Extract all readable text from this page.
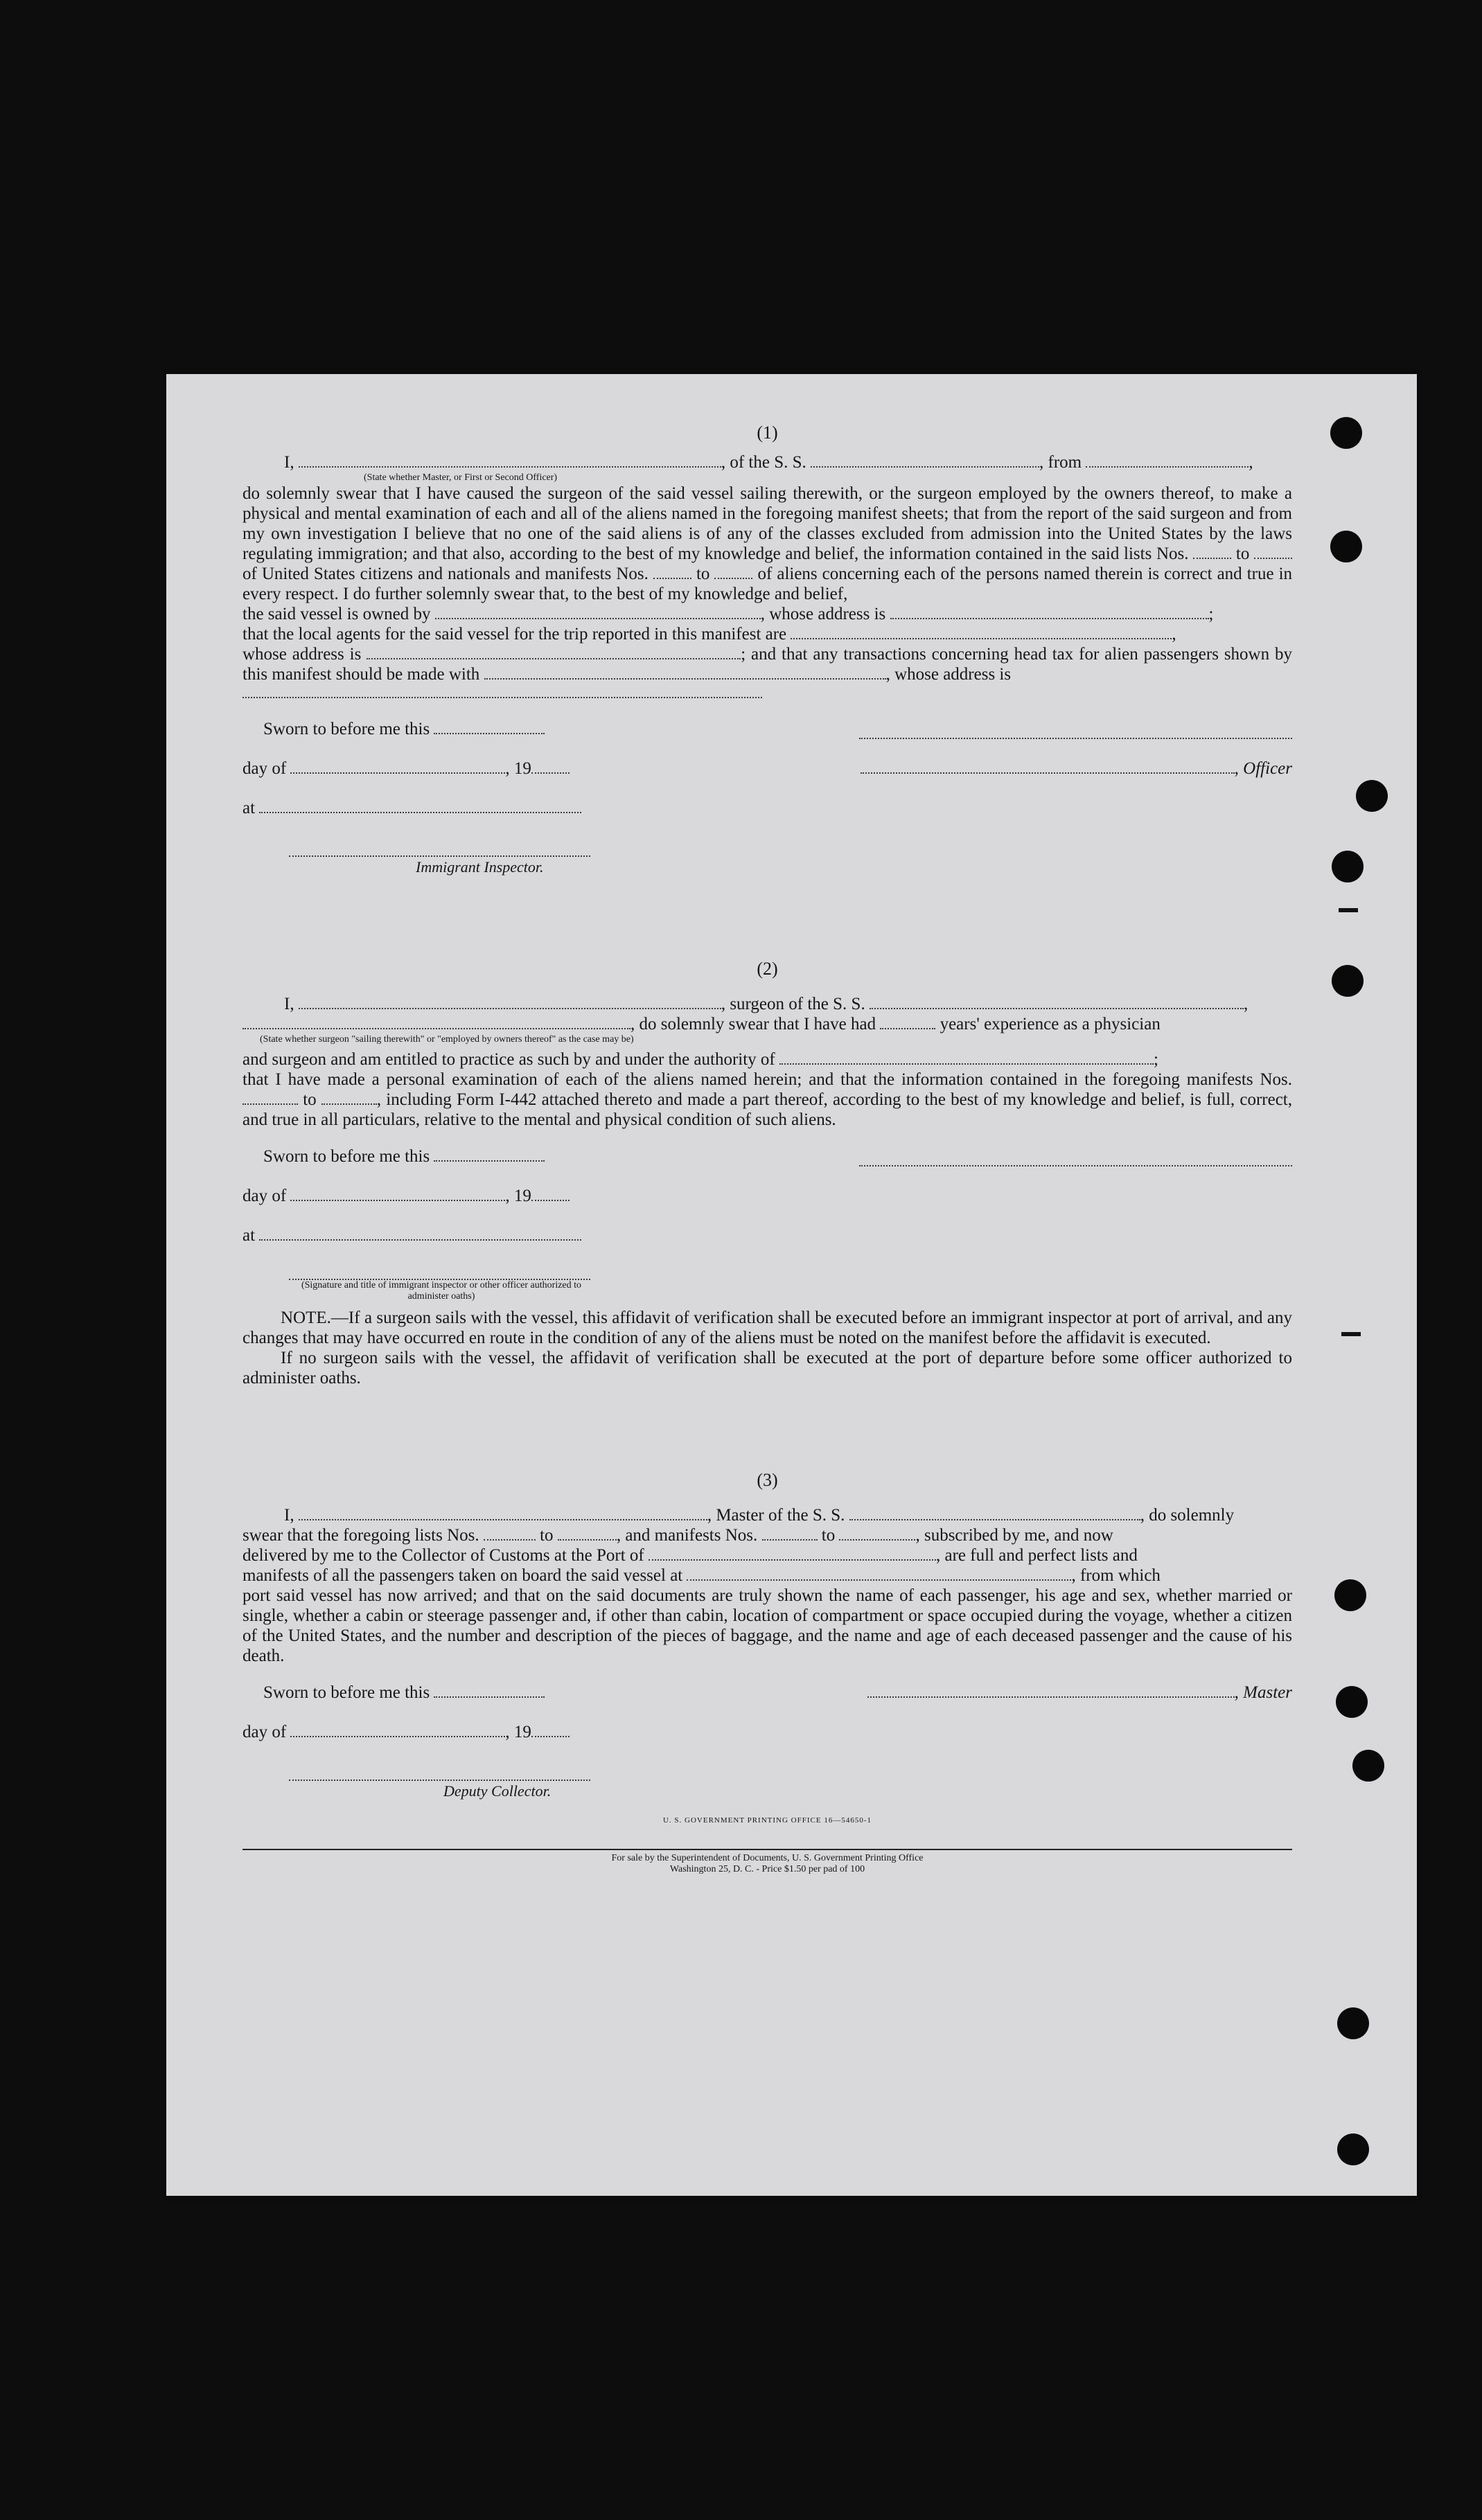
(1)
I,	, of the S. S.	, from	,
(State whether Master, or First or Second Officer)

do solemnly swear that I have caused the surgeon of the said vessel sailing therewith, or the surgeon employed by the owners thereof, to make a physical and mental examination of each and all of the aliens named in the foregoing manifest sheets; that from the report of the said surgeon and from my own investigation I believe that no one of the said aliens is of any of the classes excluded from admission into the United States by the laws regulating immigration; and that also, according to the best of my knowledge and belief, the information contained in the said lists Nos.	to  of United States citizens and nationals and manifests Nos.	to	of aliens concerning each of the persons named therein is correct and true in every respect. I do further solemnly swear that, to the best of my knowledge and belief,

the said vessel is owned by	, whose address is	;
that the local agents for the said vessel for the trip reported in this manifest are	,

whose address is	; and that any transactions concerning head tax for alien passengers shown by this manifest should be made with	, whose address is

Sworn to before me this
day of	, 19	, Officer
at
Immigrant Inspector.
(2)
I,	, surgeon of the S. S.	,
, do solemnly swear that I have had	years' experience as a physician
(State whether surgeon "sailing therewith" or "employed by owners thereof" as the case may be)
and surgeon and am entitled to practice as such by and under the authority of	;

that I have made a personal examination of each of the aliens named herein; and that the information contained in the foregoing manifests Nos.  to	, including Form I-442 attached thereto and made a part thereof, according to the best of my knowledge and belief, is full, correct, and true in all particulars, relative to the mental and physical condition of such aliens.

Sworn to before me this
day of	, 19
at
(Signature and title of immigrant inspector or other officer authorized to administer oaths)

NOTE.—If a surgeon sails with the vessel, this affidavit of verification shall be executed before an immigrant inspector at port of arrival, and any changes that may have occurred en route in the condition of any of the aliens must be noted on the manifest before the affidavit is executed.

If no surgeon sails with the vessel, the affidavit of verification shall be executed at the port of departure before some officer authorized to administer oaths.

(3)
I,	, Master of the S. S.	, do solemnly
swear that the foregoing lists Nos.	to	, and manifests Nos.	to	, subscribed by me, and now
delivered by me to the Collector of Customs at the Port of	, are full and perfect lists and
manifests of all the passengers taken on board the said vessel at	, from which

port said vessel has now arrived; and that on the said documents are truly shown the name of each passenger, his age and sex, whether married or single, whether a cabin or steerage passenger and, if other than cabin, location of compartment or space occupied during the voyage, whether a citizen of the United States, and the number and description of the pieces of baggage, and the name and age of each deceased passenger and the cause of his death.

Sworn to before me this	, Master
day of	, 19
Deputy Collector.
U. S. GOVERNMENT PRINTING OFFICE 16—54650-1
For sale by the Superintendent of Documents, U. S. Government Printing Office
Washington 25, D. C. - Price $1.50 per pad of 100
